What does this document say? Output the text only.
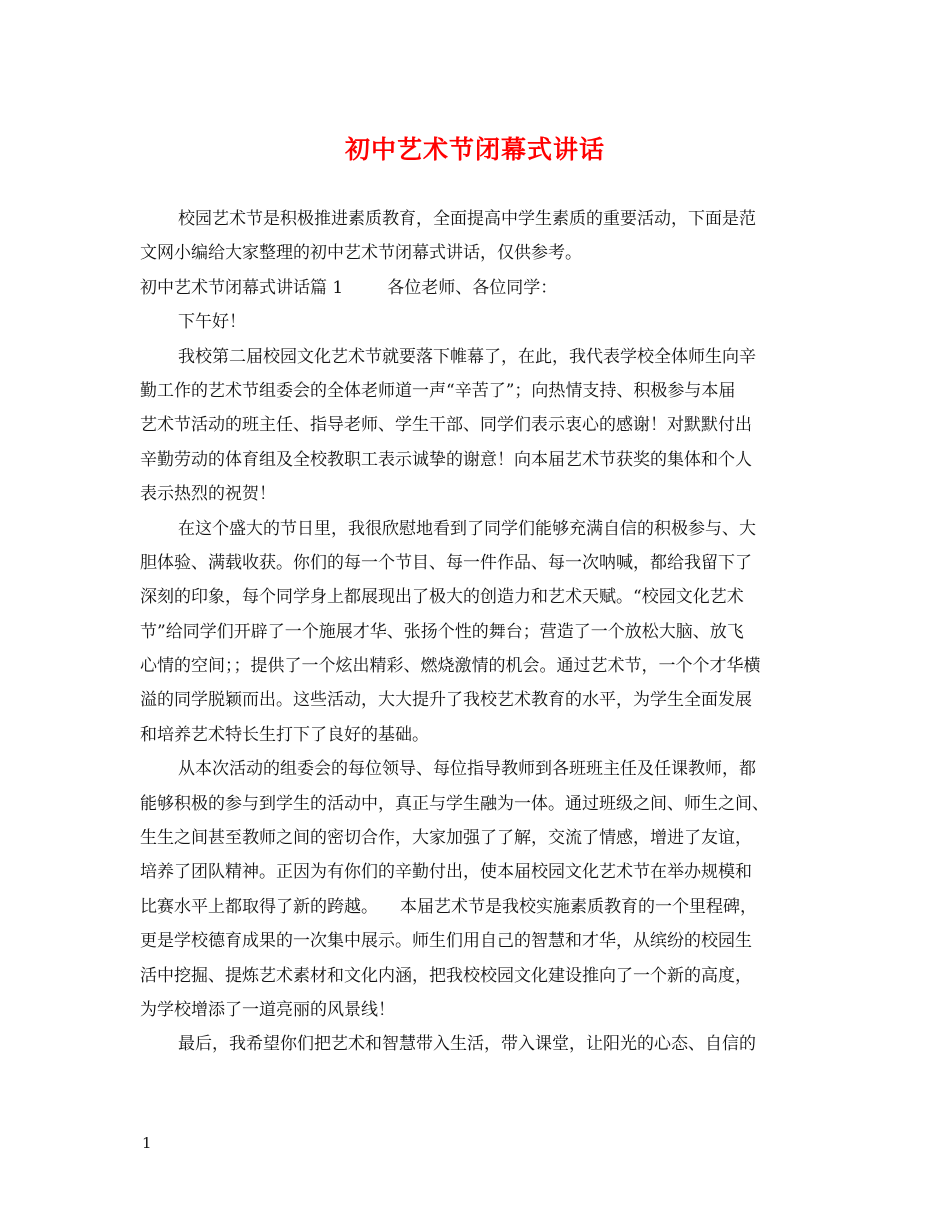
初中艺术节闭幕式讲话
校园艺术节是积极推进素质教育，全面提高中学生素质的重要活动，下面是范
文网小编给大家整理的初中艺术节闭幕式讲话，仅供参考。
初中艺术节闭幕式讲话篇 1	各位老师、各位同学：
下午好！
我校第二届校园文化艺术节就要落下帷幕了，在此，我代表学校全体师生向辛
勤工作的艺术节组委会的全体老师道一声“辛苦了”；向热情支持、积极参与本届
艺术节活动的班主任、指导老师、学生干部、同学们表示衷心的感谢！对默默付出
辛勤劳动的体育组及全校教职工表示诚挚的谢意！向本届艺术节获奖的集体和个人
表示热烈的祝贺！
在这个盛大的节日里，我很欣慰地看到了同学们能够充满自信的积极参与、大
胆体验、满载收获。你们的每一个节目、每一件作品、每一次呐喊，都给我留下了
深刻的印象，每个同学身上都展现出了极大的创造力和艺术天赋。“校园文化艺术
节”给同学们开辟了一个施展才华、张扬个性的舞台；营造了一个放松大脑、放飞
心情的空间；；提供了一个炫出精彩、燃烧激情的机会。通过艺术节，一个个才华横
溢的同学脱颖而出。这些活动，大大提升了我校艺术教育的水平，为学生全面发展
和培养艺术特长生打下了良好的基础。
从本次活动的组委会的每位领导、每位指导教师到各班班主任及任课教师，都
能够积极的参与到学生的活动中，真正与学生融为一体。通过班级之间、师生之间、
生生之间甚至教师之间的密切合作，大家加强了了解，交流了情感，增进了友谊，
培养了团队精神。正因为有你们的辛勤付出，使本届校园文化艺术节在举办规模和
比赛水平上都取得了新的跨越。 本届艺术节是我校实施素质教育的一个里程碑，
更是学校德育成果的一次集中展示。师生们用自己的智慧和才华，从缤纷的校园生
活中挖掘、提炼艺术素材和文化内涵，把我校校园文化建设推向了一个新的高度，
为学校增添了一道亮丽的风景线！
最后，我希望你们把艺术和智慧带入生活，带入课堂，让阳光的心态、自信的
1
